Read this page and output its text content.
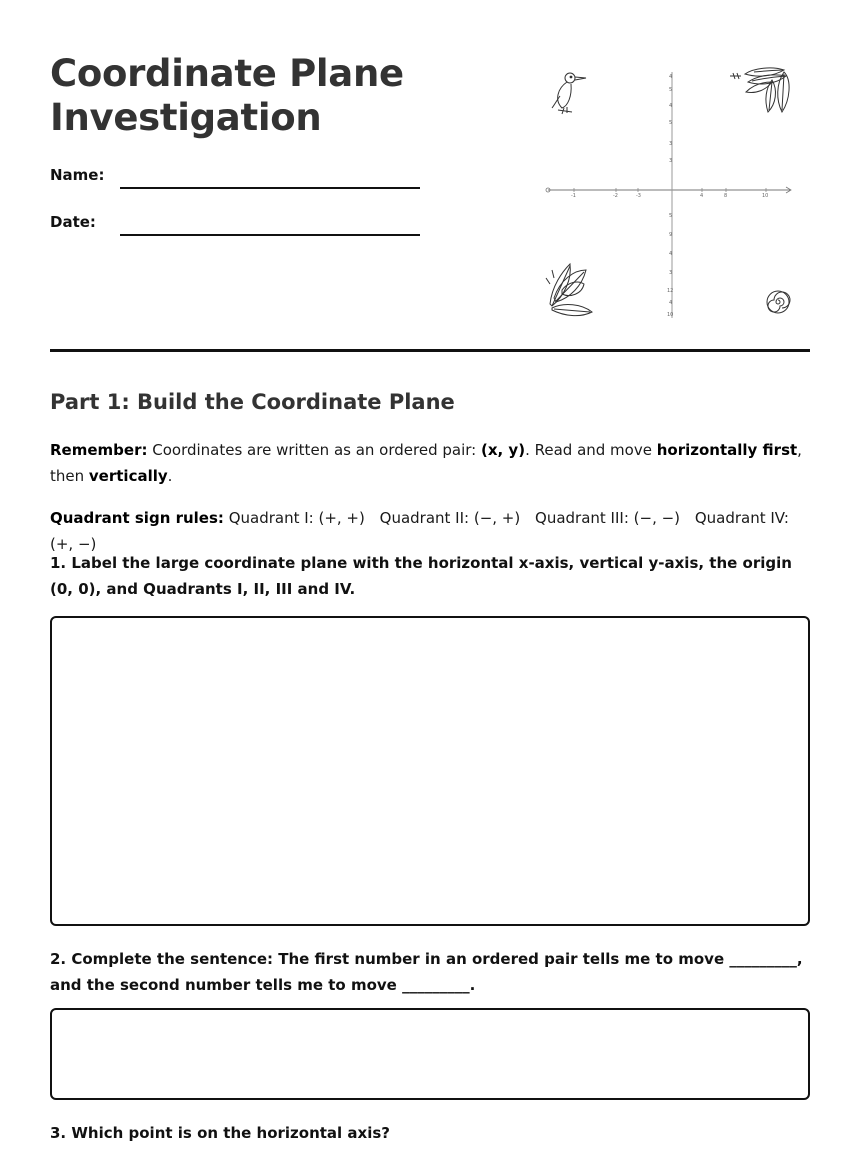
Coordinate Plane
Investigation
Name:
Date:
-1	-2	-3	4	8	10
4
5
4
5
3
3
5
9
4
3
12
4
10
Part 1: Build the Coordinate Plane
Remember: Coordinates are written as an ordered pair: (x, y). Read and move horizontally first, then vertically.
Quadrant sign rules: Quadrant I: (+, +) Quadrant II: (−, +) Quadrant III: (−, −) Quadrant IV: (+, −)
1. Label the large coordinate plane with the horizontal x-axis, vertical y-axis, the origin (0, 0), and Quadrants I, II, III and IV.
2. Complete the sentence: The first number in an ordered pair tells me to move _________, and the second number tells me to move _________.
3. Which point is on the horizontal axis?
